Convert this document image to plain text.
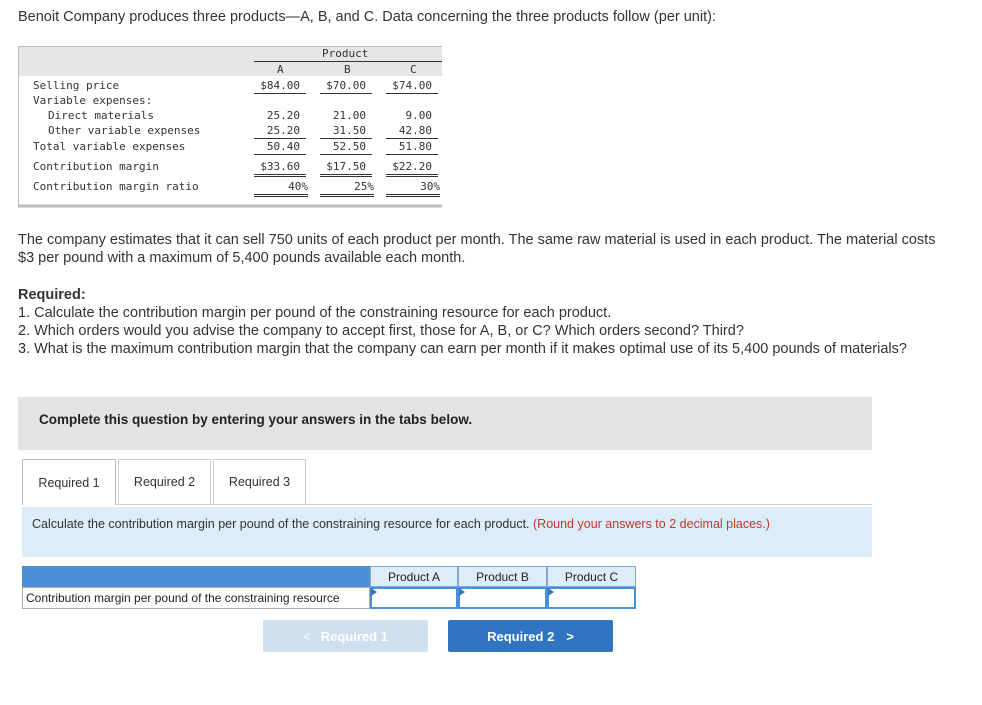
Benoit Company produces three products—A, B, and C. Data concerning the three products follow (per unit):
Product
A	B	C
Selling price	$84.00	$70.00	$74.00
Variable expenses:
Direct materials	25.20	21.00	9.00
Other variable expenses	25.20	31.50	42.80
Total variable expenses	50.40	52.50	51.80
Contribution margin	$33.60	$17.50	$22.20
Contribution margin ratio	40%	25%	30%
The company estimates that it can sell 750 units of each product per month. The same raw material is used in each product. The material costs $3 per pound with a maximum of 5,400 pounds available each month.
Required:
1. Calculate the contribution margin per pound of the constraining resource for each product.
2. Which orders would you advise the company to accept first, those for A, B, or C? Which orders second? Third?
3. What is the maximum contribution margin that the company can earn per month if it makes optimal use of its 5,400 pounds of materials?
Complete this question by entering your answers in the tabs below.
Required 1	Required 2	Required 3
Calculate the contribution margin per pound of the constraining resource for each product. (Round your answers to 2 decimal places.)
Product A	Product B	Product C
Contribution margin per pound of the constraining resource
< Required 1	Required 2 >
